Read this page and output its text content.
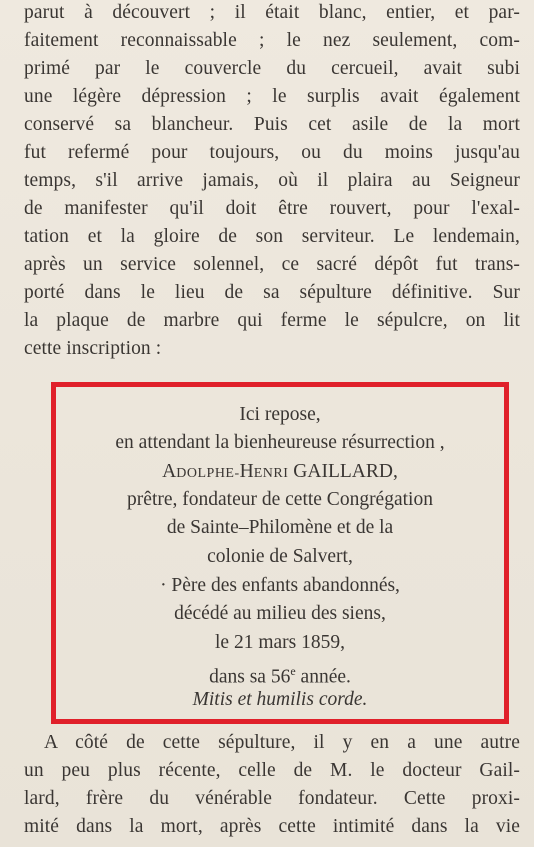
parut à découvert ; il était blanc, entier, et par-
faitement reconnaissable ; le nez seulement, com-
primé par le couvercle du cercueil, avait subi
une légère dépression ; le surplis avait également
conservé sa blancheur. Puis cet asile de la mort
fut refermé pour toujours, ou du moins jusqu'au
temps, s'il arrive jamais, où il plaira au Seigneur
de manifester qu'il doit être rouvert, pour l'exal-
tation et la gloire de son serviteur. Le lendemain,
après un service solennel, ce sacré dépôt fut trans-
porté dans le lieu de sa sépulture définitive. Sur
la plaque de marbre qui ferme le sépulcre, on lit
cette inscription :

Ici repose,
en attendant la bienheureuse résurrection ,
ADOLPHE-HENRI GAILLARD,
prêtre, fondateur de cette Congrégation
de Sainte–Philomène et de la
colonie de Salvert,
· Père des enfants abandonnés,
décédé au milieu des siens,
le 21 mars 1859,
dans sa 56e année.
Mitis et humilis corde.

A côté de cette sépulture, il y en a une autre
un peu plus récente, celle de M. le docteur Gail-
lard, frère du vénérable fondateur. Cette proxi-
mité dans la mort, après cette intimité dans la vie
